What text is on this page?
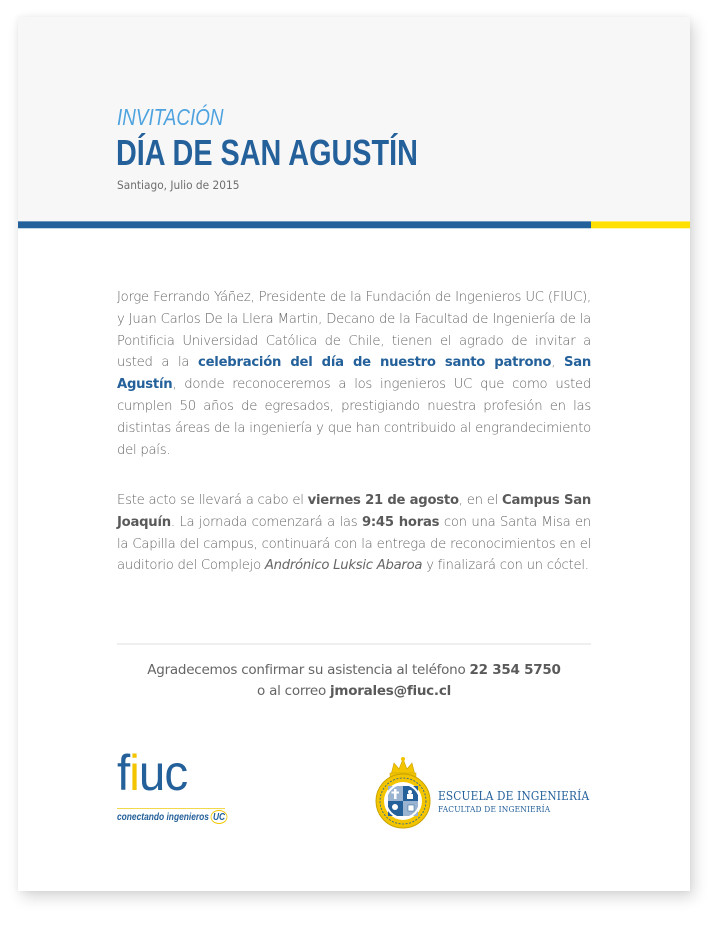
INVITACIÓN
DÍA DE SAN AGUSTÍN
Santiago, Julio de 2015
Jorge Ferrando Yáñez, Presidente de la Fundación de Ingenieros UC (FIUC), y Juan Carlos De la Llera Martin, Decano de la Facultad de Ingeniería de la Pontificia Universidad Católica de Chile, tienen el agrado de invitar a usted a la celebración del día de nuestro santo patrono, San Agustín, donde reconoceremos a los ingenieros UC que como usted cumplen 50 años de egresados, prestigiando nuestra profesión en las distintas áreas de la ingeniería y que han contribuido al engrandecimiento del país.
Este acto se llevará a cabo el viernes 21 de agosto, en el Campus San Joaquín. La jornada comenzará a las 9:45 horas con una Santa Misa en la Capilla del campus, continuará con la entrega de reconocimientos en el auditorio del Complejo Andrónico Luksic Abaroa y finalizará con un cóctel.
Agradecemos confirmar su asistencia al teléfono 22 354 5750
o al correo jmorales@fiuc.cl
fiuc
conectando ingenieros UC
ESCUELA DE INGENIERÍA
FACULTAD DE INGENIERÍA
